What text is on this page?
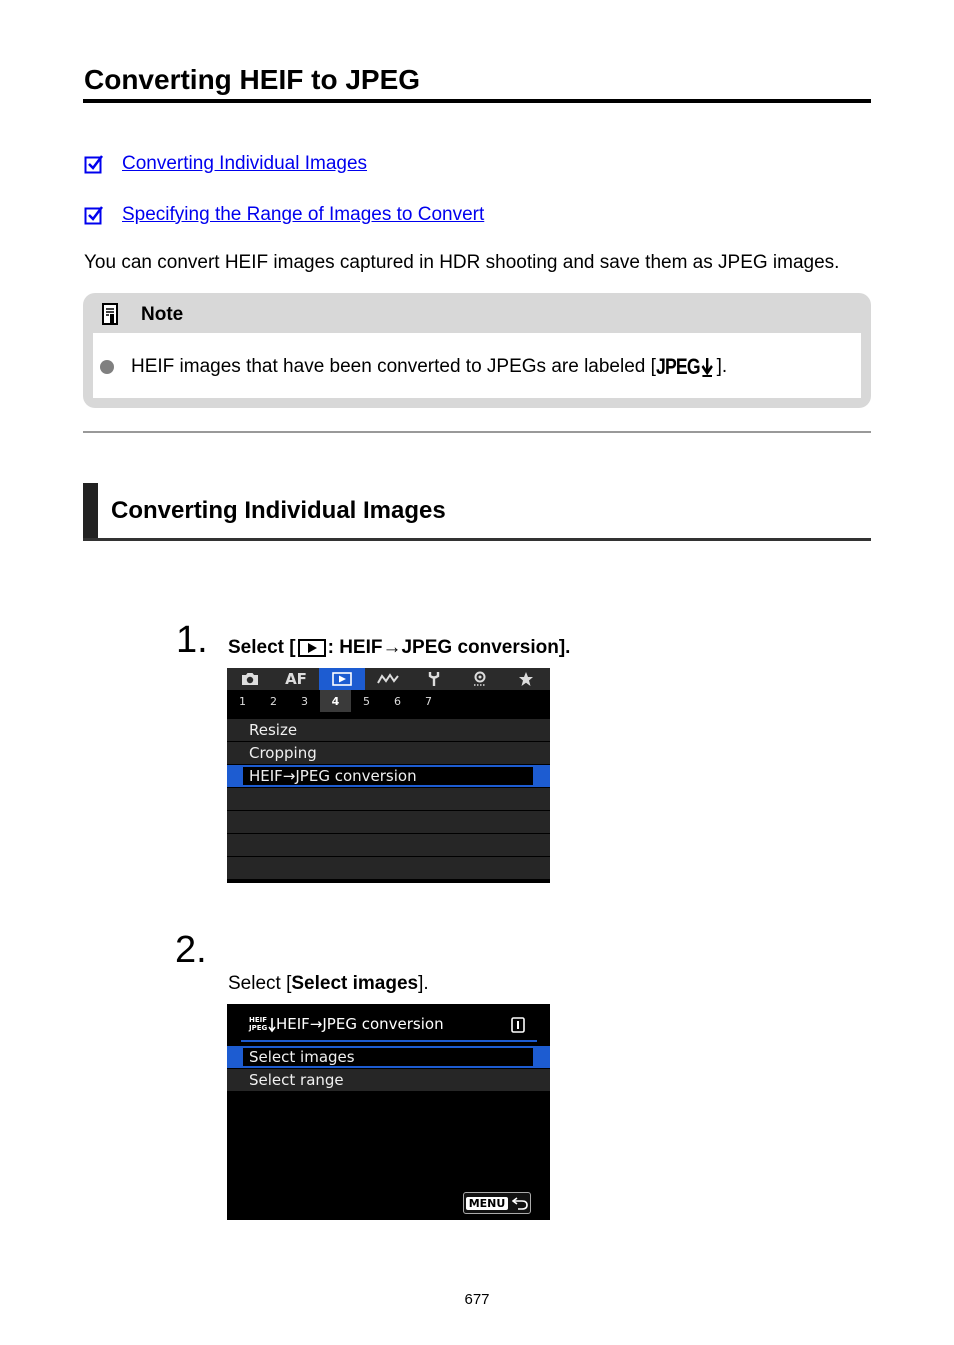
Converting HEIF to JPEG
Converting Individual Images
Specifying the Range of Images to Convert
You can convert HEIF images captured in HDR shooting and save them as JPEG images.
Note
HEIF images that have been converted to JPEGs are labeled [ JPEG ].
Converting Individual Images
1. Select [ : HEIF→JPEG conversion].
AF
1	2	3	4	5	6	7
Resize
Cropping
HEIF→JPEG conversion
2.
Select [Select images].
HEIF
JPEG HEIF→JPEG conversion
Select images
Select range
MENU
677
